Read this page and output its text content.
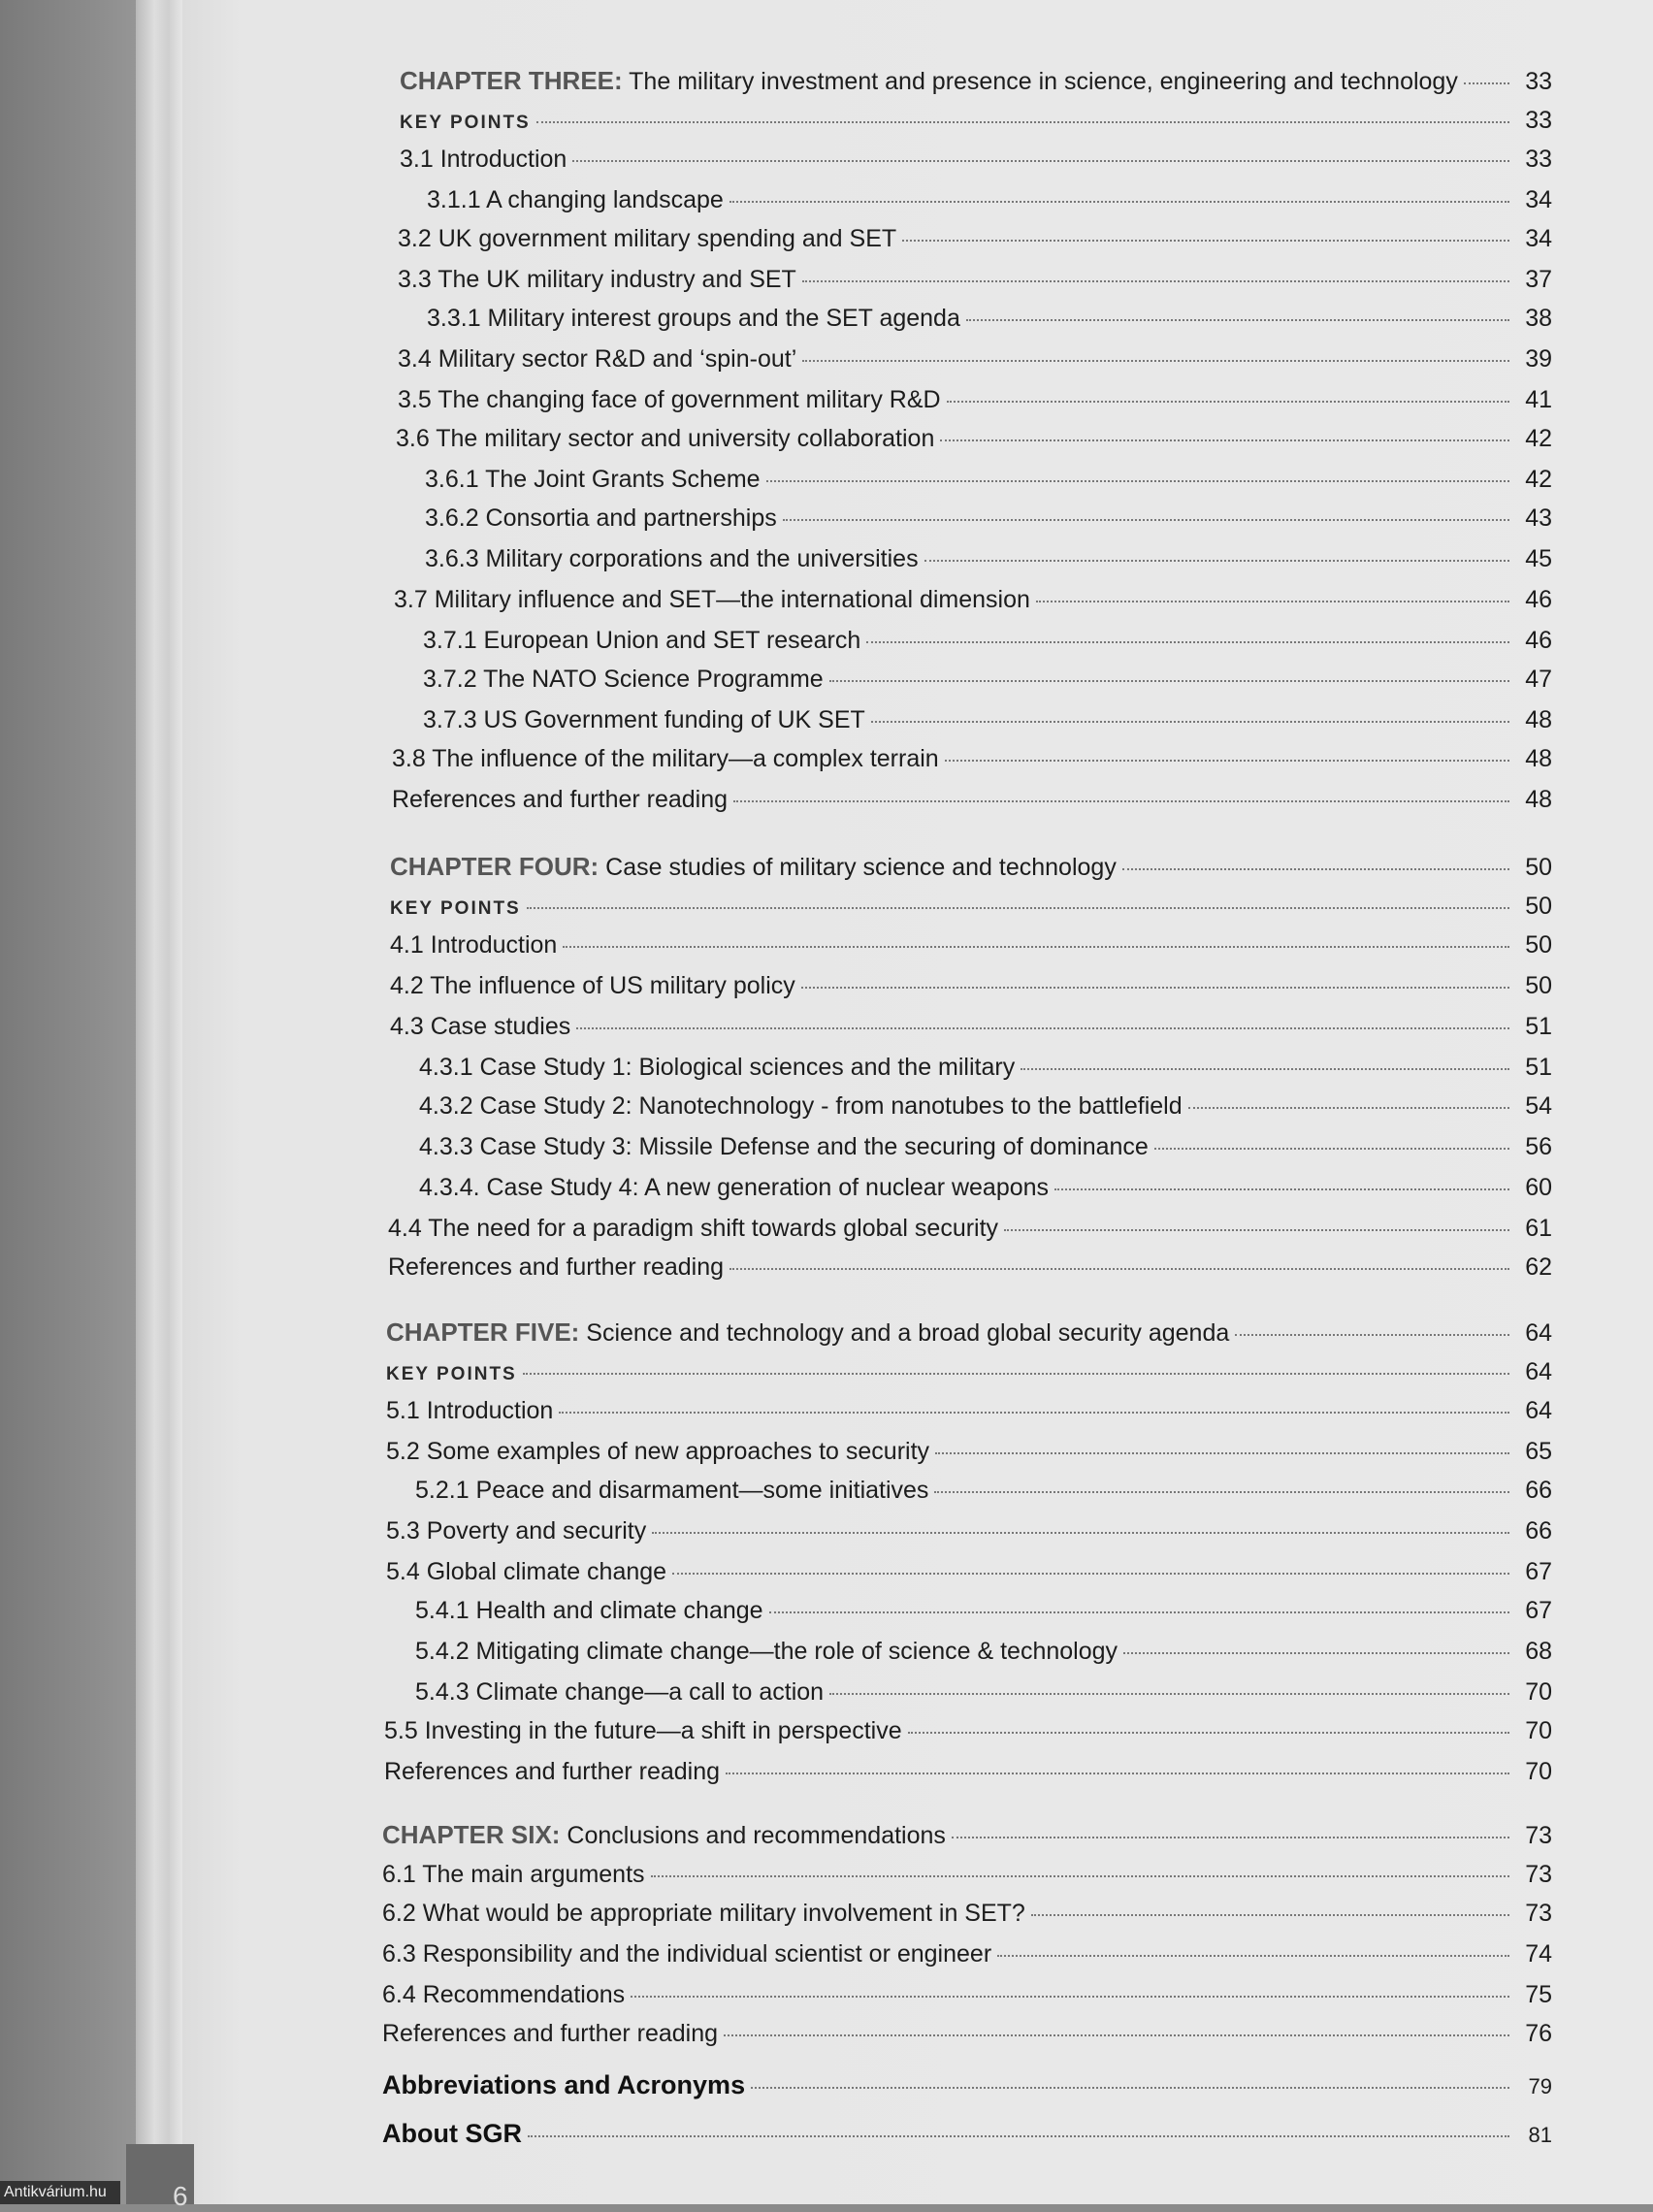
CHAPTER THREE: The military investment and presence in science, engineering and technology	33
KEY POINTS	33
3.1 Introduction	33
3.1.1 A changing landscape	34
3.2 UK government military spending and SET	34
3.3 The UK military industry and SET	37
3.3.1 Military interest groups and the SET agenda	38
3.4 Military sector R&D and ‘spin-out’	39
3.5 The changing face of government military R&D	41
3.6 The military sector and university collaboration	42
3.6.1 The Joint Grants Scheme	42
3.6.2 Consortia and partnerships	43
3.6.3 Military corporations and the universities	45
3.7 Military influence and SET—the international dimension	46
3.7.1 European Union and SET research	46
3.7.2 The NATO Science Programme	47
3.7.3 US Government funding of UK SET	48
3.8 The influence of the military—a complex terrain	48
References and further reading	48
CHAPTER FOUR: Case studies of military science and technology	50
KEY POINTS	50
4.1 Introduction	50
4.2 The influence of US military policy	50
4.3 Case studies	51
4.3.1 Case Study 1: Biological sciences and the military	51
4.3.2 Case Study 2: Nanotechnology - from nanotubes to the battlefield	54
4.3.3 Case Study 3: Missile Defense and the securing of dominance	56
4.3.4. Case Study 4: A new generation of nuclear weapons	60
4.4 The need for a paradigm shift towards global security	61
References and further reading	62
CHAPTER FIVE: Science and technology and a broad global security agenda	64
KEY POINTS	64
5.1 Introduction	64
5.2 Some examples of new approaches to security	65
5.2.1 Peace and disarmament—some initiatives	66
5.3 Poverty and security	66
5.4 Global climate change	67
5.4.1 Health and climate change	67
5.4.2 Mitigating climate change—the role of science & technology	68
5.4.3 Climate change—a call to action	70
5.5 Investing in the future—a shift in perspective	70
References and further reading	70
CHAPTER SIX: Conclusions and recommendations	73
6.1 The main arguments	73
6.2 What would be appropriate military involvement in SET?	73
6.3 Responsibility and the individual scientist or engineer	74
6.4 Recommendations	75
References and further reading	76
Abbreviations and Acronyms	79
About SGR	81
6
Antikvárium.hu
